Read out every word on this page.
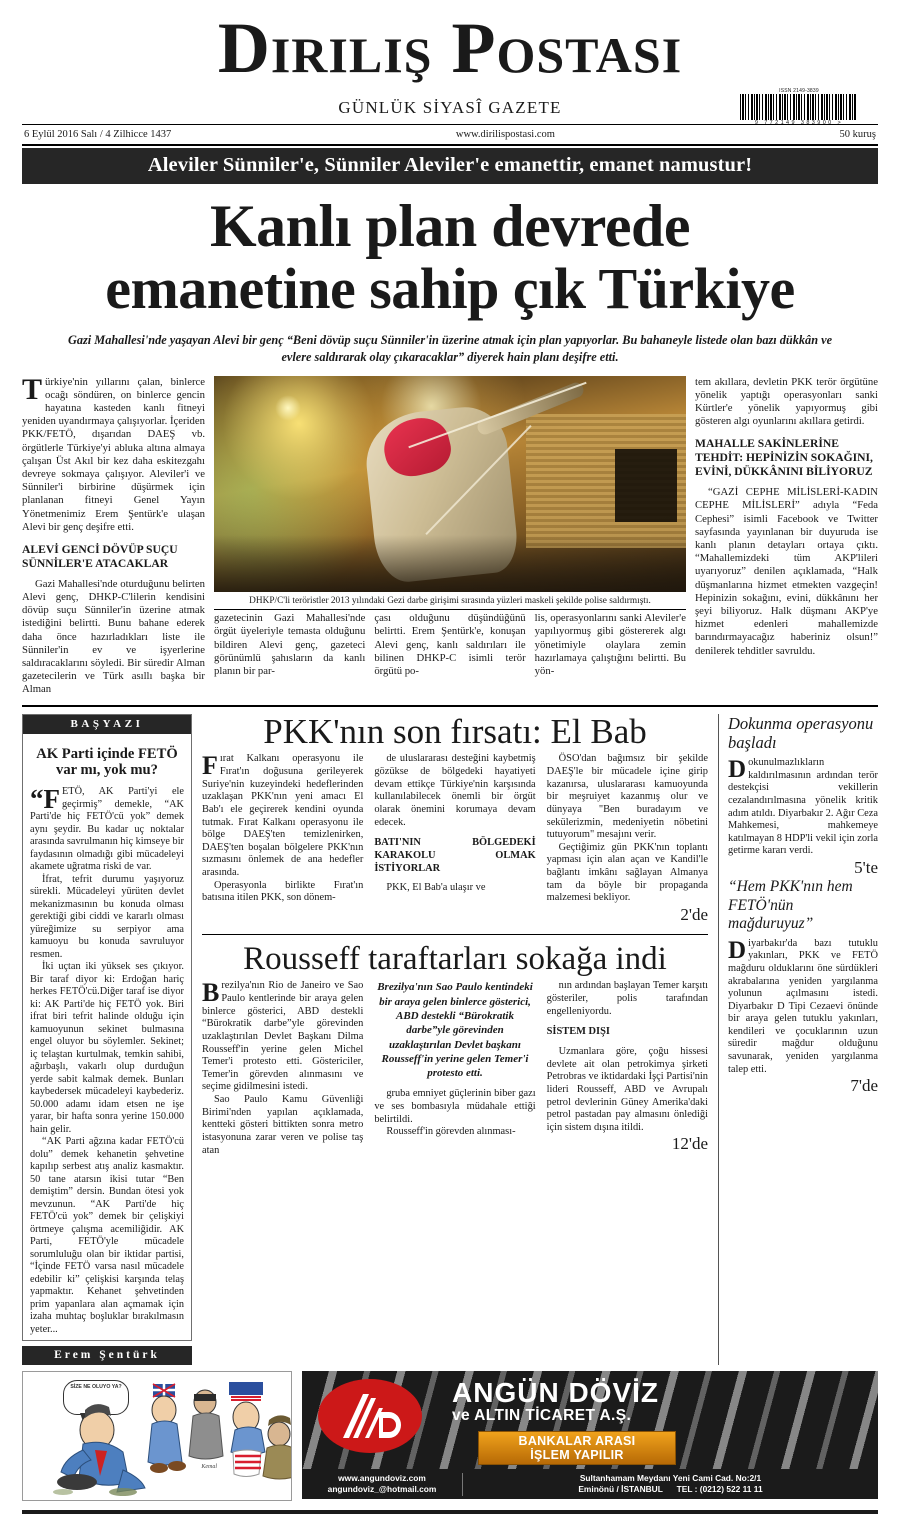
Diriliş Postası
ISSN 2149-3839
9 772149 383900 >
GÜNLÜK SİYASÎ GAZETE
6 Eylül 2016 Salı / 4 Zilhicce 1437	www.dirilispostasi.com	50 kuruş
Aleviler Sünniler'e, Sünniler Aleviler'e emanettir, emanet namustur!
Kanlı plan devrede
emanetine sahip çık Türkiye
Gazi Mahallesi'nde yaşayan Alevi bir genç “Beni dövüp suçu Sünniler'in üzerine atmak için plan yapıyorlar. Bu bahaneyle listede olan bazı dükkân ve evlere saldırarak olay çıkaracaklar” diyerek hain planı deşifre etti.

Türkiye'nin yıllarını çalan, binlerce ocağı söndüren, on binlerce gencin hayatına kasteden kanlı fitneyi yeniden uyandırmaya çalışıyorlar. İçeriden PKK/FETÖ, dışarıdan DAEŞ vb. örgütlerle Türkiye'yi abluka altına almaya çalışan Üst Akıl bir kez daha eskitezgahı devreye sokmaya çalışıyor. Aleviler'i ve Sünniler'i birbirine düşürmek için planlanan fitneyi Genel Yayın Yönetmenimiz Erem Şentürk'e ulaşan Alevi bir genç deşifre etti.

ALEVİ GENCİ DÖVÜP SUÇU SÜNNİLER'E ATACAKLAR

Gazi Mahallesi'nde oturduğunu belirten Alevi genç, DHKP-C'lilerin kendisini dövüp suçu Sünniler'in üzerine atmak istediğini belirtti. Bunu bahane ederek daha önce hazırladıkları liste ile Sünniler'in ev ve işyerlerine saldıracaklarını söyledi. Bir süredir Alman gazetecilerin ve Türk asıllı başka bir Alman

DHKP/C'li teröristler 2013 yılındaki Gezi darbe girişimi sırasında yüzleri maskeli şekilde polise saldırmıştı.

gazetecinin Gazi Mahallesi'nde örgüt üyeleriyle temasta olduğunu bildiren Alevi genç, gazeteci görünümlü şahısların da kanlı planın bir par-

çası olduğunu düşündüğünü belirtti. Erem Şentürk'e, konuşan Alevi genç, kanlı saldırıları ile bilinen DHKP-C isimli terör örgütü po-

lis, operasyonlarını sanki Aleviler'e yapılıyormuş gibi göstererek algı yönetimiyle olaylara zemin hazırlamaya çalıştığını belirtti. Bu yön-

tem akıllara, devletin PKK terör örgütüne yönelik yaptığı operasyonları sanki Kürtler'e yönelik yapıyormuş gibi gösteren algı oyunlarını akıllara getirdi.

MAHALLE SAKİNLERİNE TEHDİT: HEPİNİZİN SOKAĞINI, EVİNİ, DÜKKÂNINI BİLİYORUZ

“GAZİ CEPHE MİLİSLERİ-KADIN CEPHE MİLİSLERİ” adıyla “Feda Cephesi” isimli Facebook ve Twitter sayfasında yayınlanan bir duyuruda ise kanlı planın detayları ortaya çıktı. “Mahallemizdeki tüm AKP'lileri uyarıyoruz” denilen açıklamada, “Halk düşmanlarına hizmet etmekten vazgeçin! Hepinizin sokağını, evini, dükkânını her şeyi biliyoruz. Halk düşmanı AKP'ye hizmet edenleri mahallemizde barındırmayacağız haberiniz olsun!” denilerek tehditler savruldu.

BAŞYAZI
AK Parti içinde FETÖ
var mı, yok mu?

“FETÖ, AK Parti'yi ele geçirmiş” demekle, “AK Parti'de hiç FETÖ'cü yok” demek aynı şeydir. Bu kadar uç noktalar arasında savrulmanın hiç kimseye bir faydasının olmadığı gibi mücadeleyi akamete uğratma riski de var.

İfrat, tefrit durumu yaşıyoruz sürekli. Mücadeleyi yürüten devlet mekanizmasının bu konuda olması gerektiği gibi ciddi ve kararlı olması yüreğimize su serpiyor ama kamuoyu bu konuda savruluyor resmen.

İki uçtan iki yüksek ses çıkıyor. Bir taraf diyor ki: Erdoğan hariç herkes FETÖ'cü.Diğer taraf ise diyor ki: AK Parti'de hiç FETÖ yok. Biri ifrat biri tefrit halinde olduğu için kamuoyunun sekinet bulmasına engel oluyor bu söylemler. Sekinet; iç telaştan kurtulmak, temkin sahibi, ağırbaşlı, vakarlı olup durduğun yerde sabit kalmak demek. Bunları kaybedersek mücadeleyi kaybederiz. 50.000 adamı idam etsen ne işe yarar, bir hafta sonra yerine 150.000 hain gelir.

“AK Parti ağzına kadar FETÖ'cü dolu” demek kehanetin şehvetine kapılıp serbest atış analiz kasmaktır. 50 tane atarsın ikisi tutar “Ben demiştim” dersin. Bundan ötesi yok mevzunun. “AK Parti'de hiç FETÖ'cü yok” demek bir çelişkiyi örtmeye çalışma acemiliğidir. AK Parti, FETÖ'yle mücadele sorumluluğu olan bir iktidar partisi, “İçinde FETÖ varsa nasıl mücadele edebilir ki” çelişkisi karşında telaş yapmaktır. Kehanet şehvetinden prim yapanlara alan açmamak için izaha muhtaç boşluklar bırakılmasın yeter...

Erem Şentürk
PKK'nın son fırsatı: El Bab

Fırat Kalkanı operasyonu ile Fırat'ın doğusuna gerileyerek Suriye'nin kuzeyindeki hedeflerinden uzaklaşan PKK'nın yeni amacı El Bab'ı ele geçirerek kendini oyunda tutmak. Fırat Kalkanı operasyonu ile bölge DAEŞ'ten temizlenirken, DAEŞ'ten boşalan bölgelere PKK'nın sızmasını önlemek de ana hedefler arasında.

Operasyonla birlikte Fırat'ın batısına itilen PKK, son dönem-

de uluslararası desteğini kaybetmiş gözükse de bölgedeki hayatiyeti devam ettikçe Türkiye'nin karşısında kullanılabilecek önemli bir örgüt olarak önemini korumaya devam edecek.

BATI'NIN BÖLGEDEKİ KARAKOLU OLMAK İSTİYORLAR

PKK, El Bab'a ulaşır ve

ÖSO'dan bağımsız bir şekilde DAEŞ'le bir mücadele içine girip kazanırsa, uluslararası kamuoyunda bir meşruiyet kazanmış olur ve dünyaya "Ben buradayım ve sekülerizmin, medeniyetin nöbetini tutuyorum" mesajını verir.

Geçtiğimiz gün PKK'nın toplantı yapması için alan açan ve Kandil'le bağlantı imkânı sağlayan Almanya tam da böyle bir propaganda malzemesi bekliyor.

2'de
Rousseff taraftarları sokağa indi

Brezilya'nın Rio de Janeiro ve Sao Paulo kentlerinde bir araya gelen binlerce gösterici, ABD destekli “Bürokratik darbe”yle görevinden uzaklaştırılan Devlet Başkanı Dilma Rousseff'in yerine gelen Michel Temer'i protesto etti. Göstericiler, Temer'in görevden alınmasını ve seçime gidilmesini istedi.

Sao Paulo Kamu Güvenliği Birimi'nden yapılan açıklamada, kentteki gösteri bittikten sonra metro istasyonuna zarar veren ve polise taş atan

Brezilya'nın Sao Paulo kentindeki bir araya gelen binlerce gösterici, ABD destekli “Bürokratik darbe”yle görevinden uzaklaştırılan Devlet başkanı Rousseff'in yerine gelen Temer'i protesto etti.

gruba emniyet güçlerinin biber gazı ve ses bombasıyla müdahale ettiği belirtildi.

Rousseff'in görevden alınması-

nın ardından başlayan Temer karşıtı gösteriler, polis tarafından engelleniyordu.

SİSTEM DIŞI

Uzmanlara göre, çoğu hissesi devlete ait olan petrokimya şirketi Petrobras ve iktidardaki İşçi Partisi'nin lideri Rousseff, ABD ve Avrupalı petrol devlerinin Güney Amerika'daki petrol pastadan pay almasını önlediği için sistem dışına itildi.

12'de
Dokunma operasyonu başladı

Dokunulmazlıkların kaldırılmasının ardından terör destekçisi vekillerin cezalandırılmasına yönelik kritik adım atıldı. Diyarbakır 2. Ağır Ceza Mahkemesi, mahkemeye katılmayan 8 HDP'li vekil için zorla getirme kararı verdi.

5'te
“Hem PKK'nın hem FETÖ'nün mağduruyuz”

Diyarbakır'da bazı tutuklu yakınları, PKK ve FETÖ mağduru olduklarını öne sürdükleri akrabalarına yeniden yargılanma yolunun açılmasını istedi. Diyarbakır D Tipi Cezaevi önünde bir araya gelen tutuklu yakınları, kendileri ve çocuklarının uzun süredir mağdur olduğunu savunarak, yeniden yargılanma talep etti.

7'de
SİZE NE OLUYO YA?
Kemal
ANGÜN DÖVİZ
ve ALTIN TİCARET A.Ş.
BANKALAR ARASI
İŞLEM YAPILIR
www.angundoviz.com
angundoviz_@hotmail.com
Sultanhamam Meydanı Yeni Cami Cad. No:2/1
Eminönü / İSTANBUL TEL : (0212) 522 11 11
